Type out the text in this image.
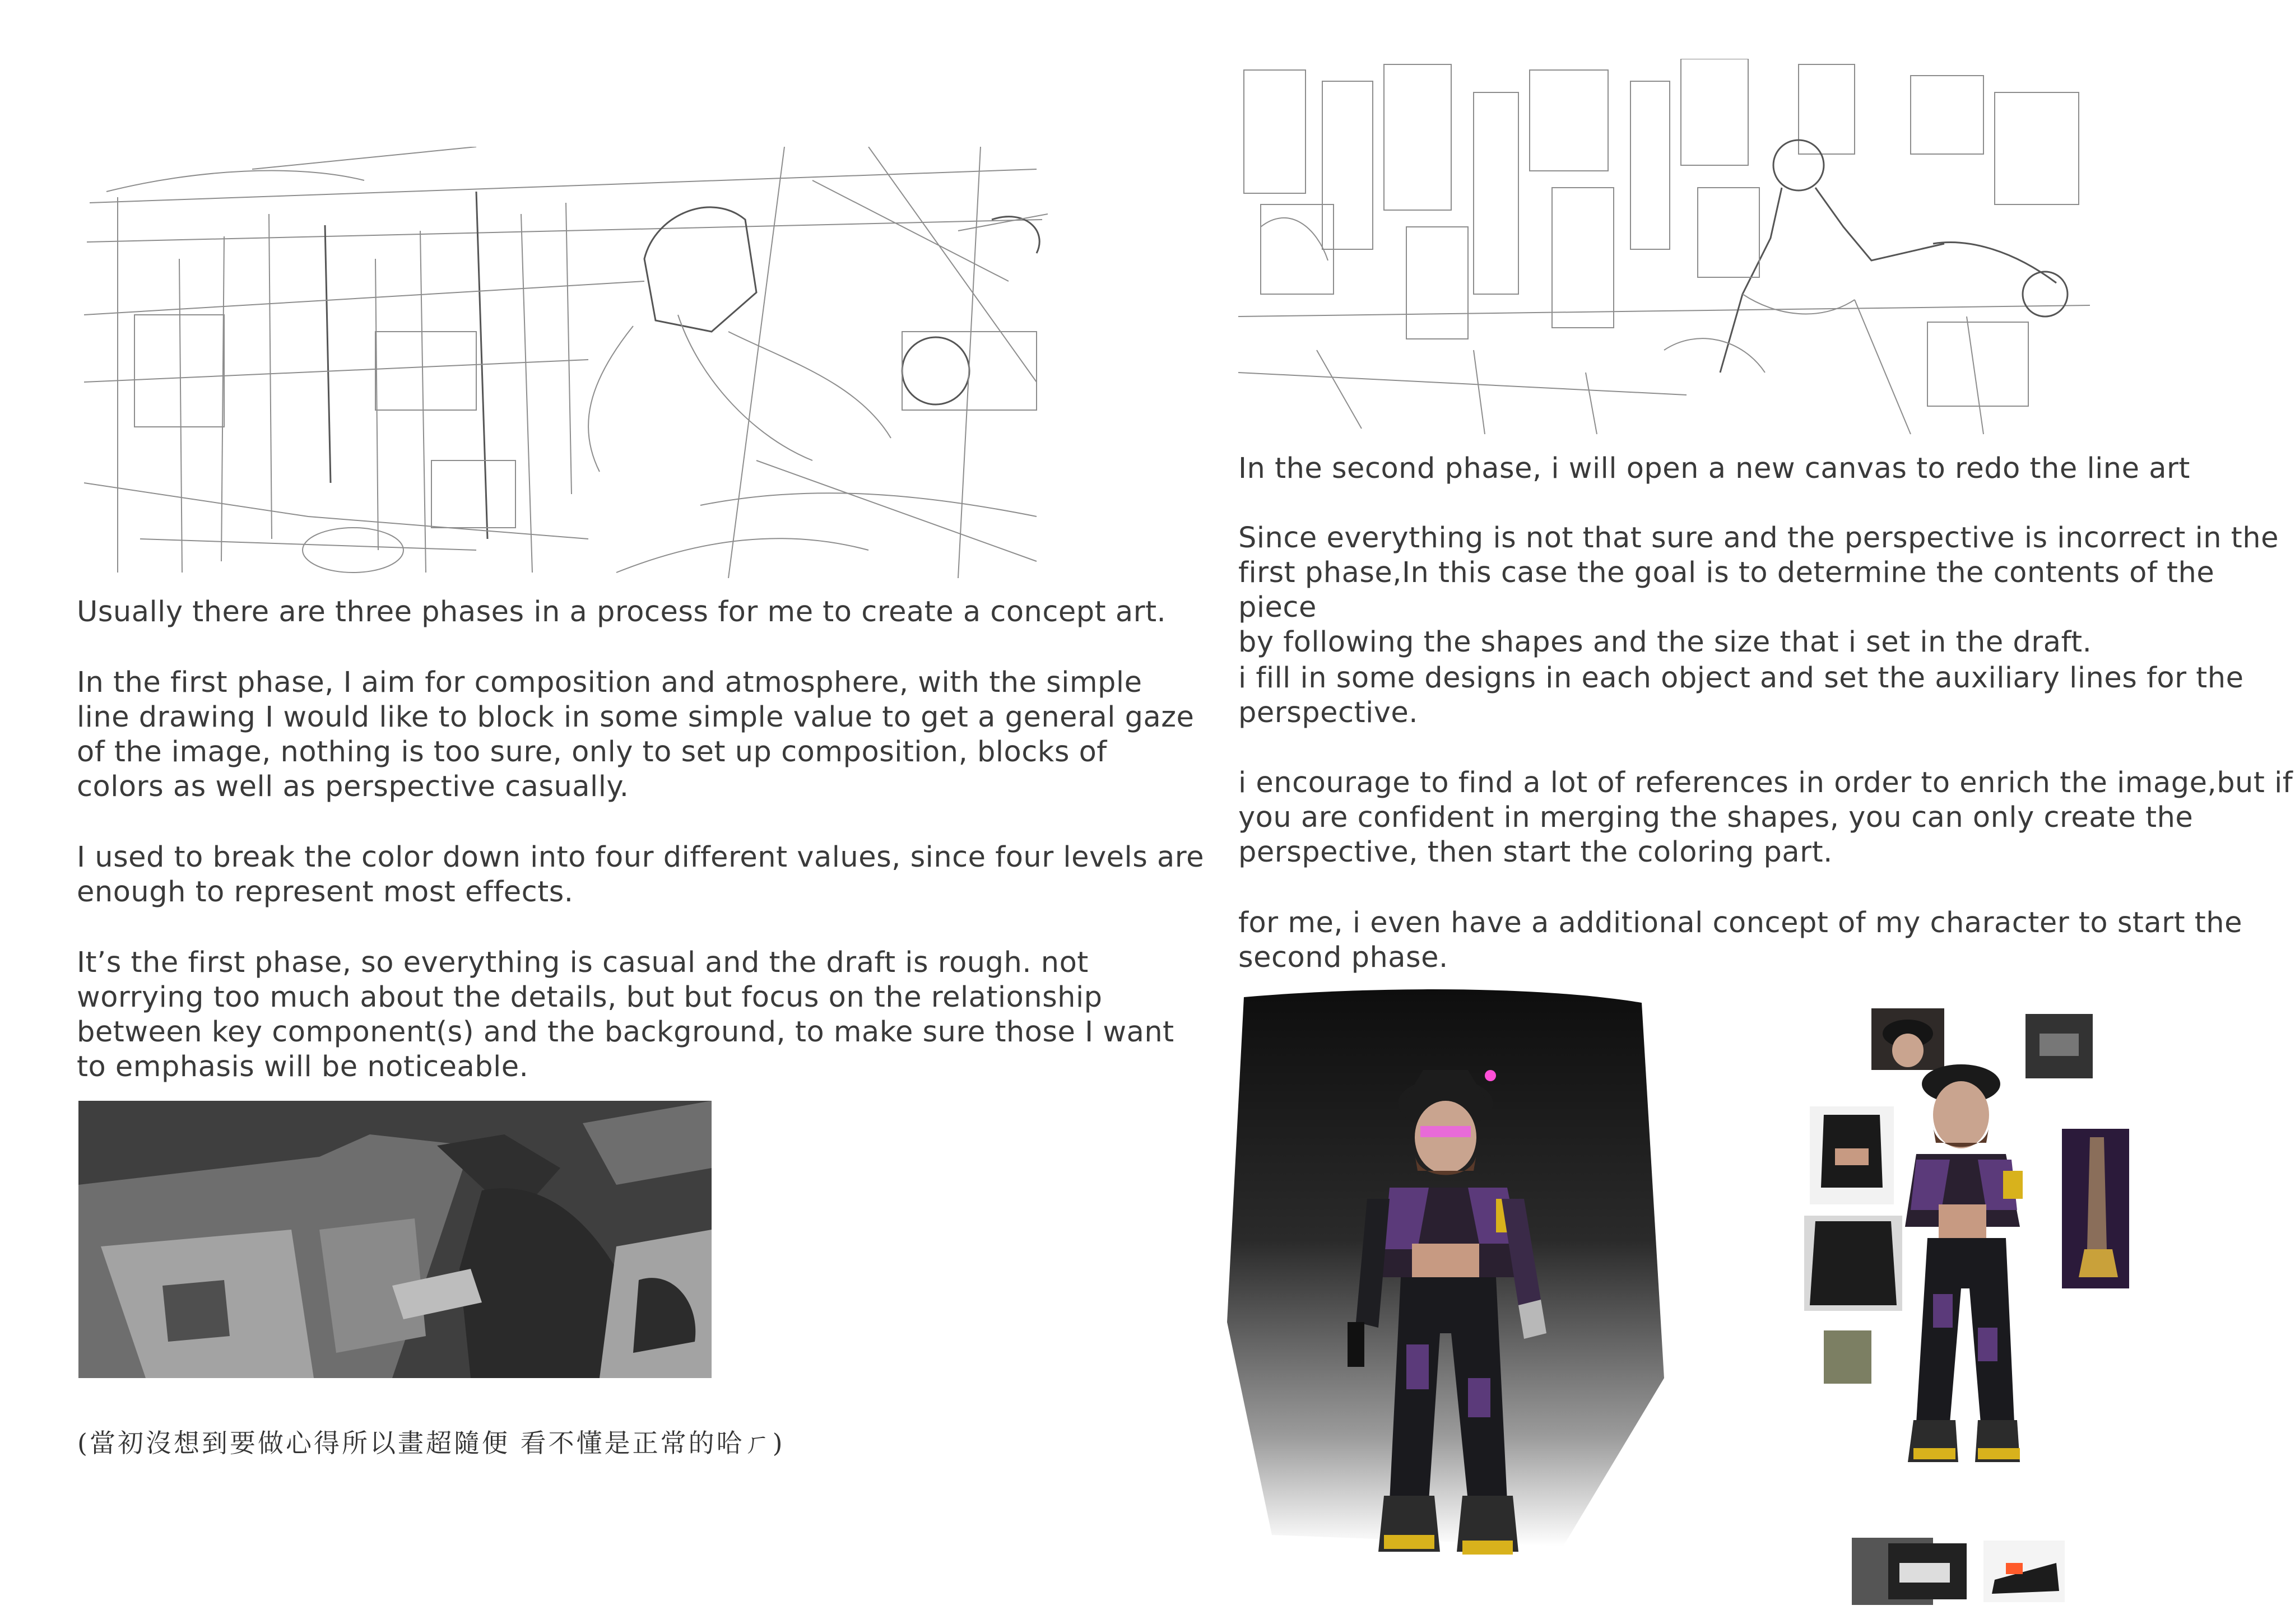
Usually there are three phases in a process for me to create a concept art.
In the first phase, I aim for composition and atmosphere, with the simple
line drawing I would like to block in some simple value to get a general gaze
of the image, nothing is too sure, only to set up composition, blocks of
colors as well as perspective casually.
I used to break the color down into four different values, since four levels are
enough to represent most effects.
It’s the first phase, so everything is casual and the draft is rough. not
worrying too much about the details, but but focus on the relationship
between key component(s) and the background, to make sure those I want
to emphasis will be noticeable.
(當初沒想到要做心得所以畫超隨便 看不懂是正常的哈ㄏ)
In the second phase, i will open a new canvas to redo the line art
Since everything is not that sure and the perspective is incorrect in the
first phase,In this case the goal is to determine the contents of the piece
by following the shapes and the size that i set in the draft.
i fill in some designs in each object and set the auxiliary lines for the
perspective.
i encourage to find a lot of references in order to enrich the image,but if
you are confident in merging the shapes, you can only create the
perspective, then start the coloring part.
for me, i even have a additional concept of my character to start the
second phase.
